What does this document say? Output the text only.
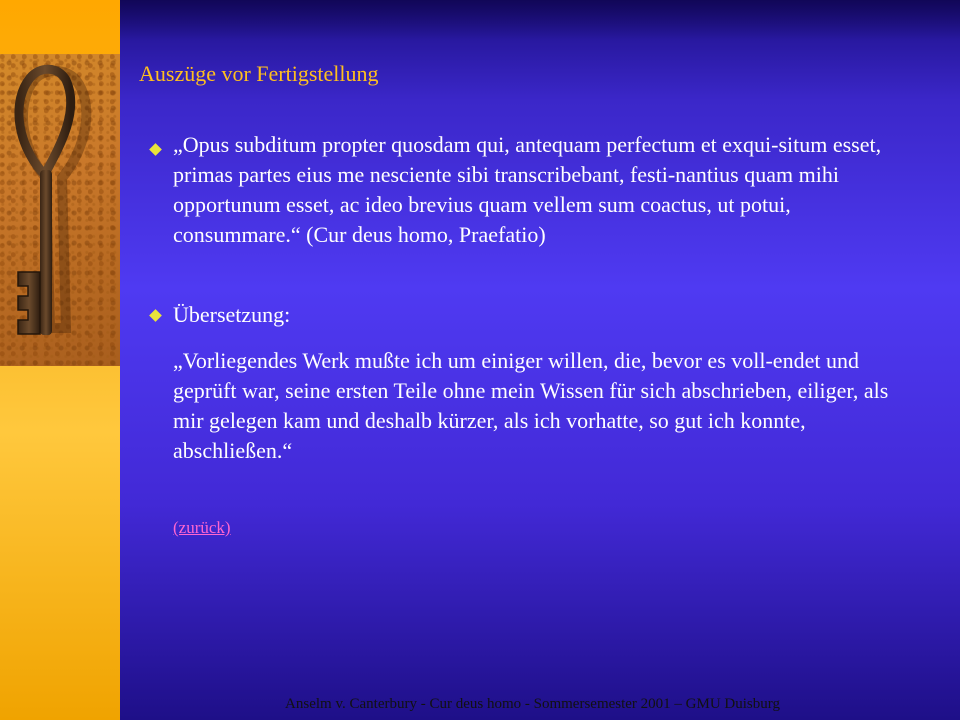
Auszüge vor Fertigstellung

„Opus subditum propter quosdam qui, antequam perfectum et exqui-situm esset, primas partes eius me nesciente sibi transcribebant, festi-nantius quam mihi opportunum esset, ac ideo brevius quam vellem sum coactus, ut potui, consummare.“ (Cur deus homo, Praefatio)

Übersetzung:

„Vorliegendes Werk mußte ich um einiger willen, die, bevor es voll-endet und geprüft war, seine ersten Teile ohne mein Wissen für sich abschrieben, eiliger, als mir gelegen kam und deshalb kürzer, als ich vorhatte, so gut ich konnte, abschließen.“

(zurück)
Anselm v. Canterbury - Cur deus homo - Sommersemester 2001 – GMU Duisburg
